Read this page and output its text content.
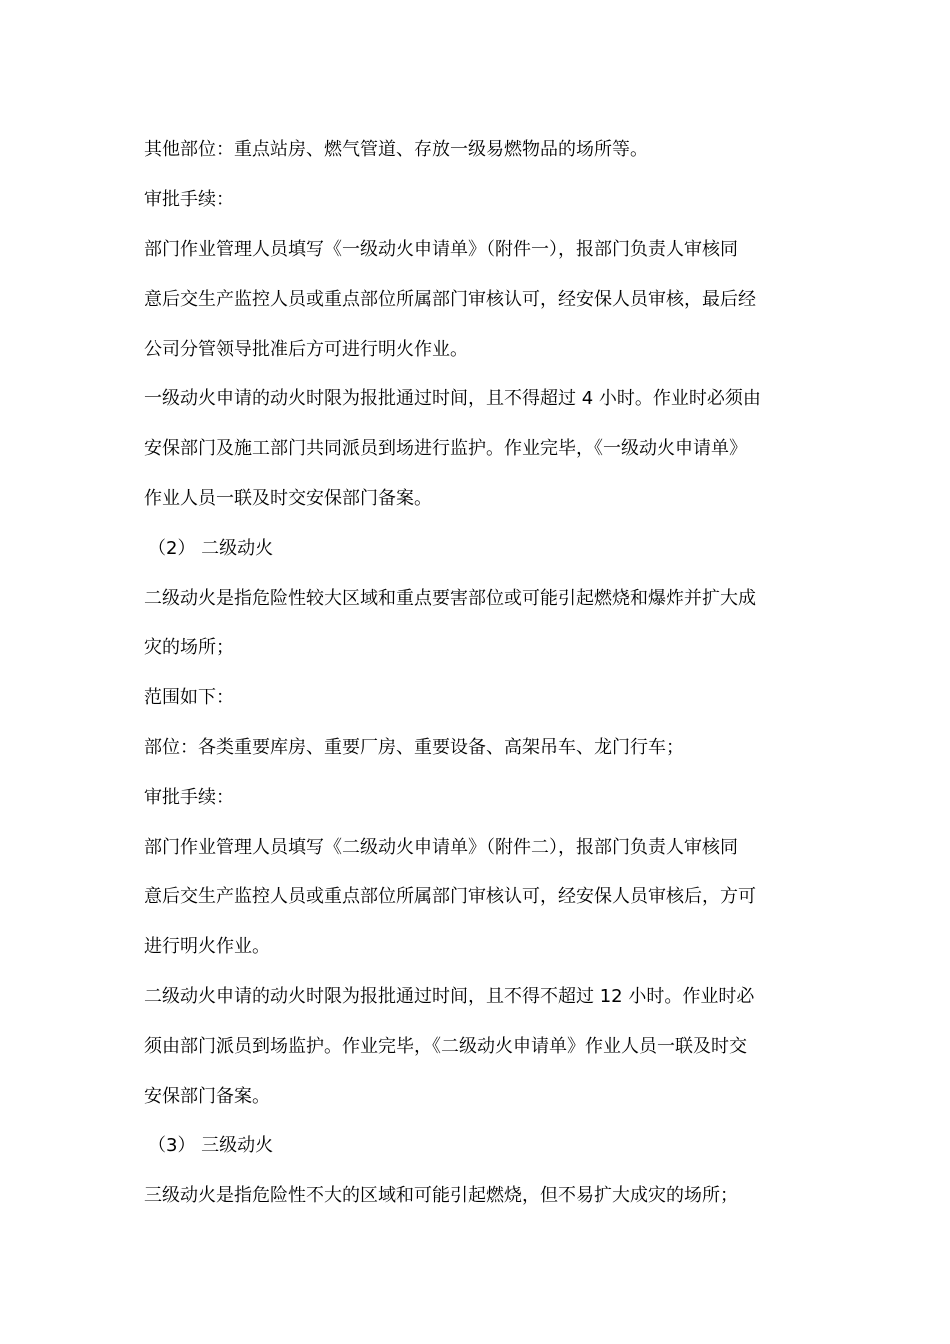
其他部位：重点站房、燃气管道、存放一级易燃物品的场所等。
审批手续：
部门作业管理人员填写《一级动火申请单》（附件一），报部门负责人审核同
意后交生产监控人员或重点部位所属部门审核认可，经安保人员审核，最后经
公司分管领导批准后方可进行明火作业。
一级动火申请的动火时限为报批通过时间，且不得超过 4 小时。作业时必须由
安保部门及施工部门共同派员到场进行监护。作业完毕，《一级动火申请单》
作业人员一联及时交安保部门备案。
（2） 二级动火
二级动火是指危险性较大区域和重点要害部位或可能引起燃烧和爆炸并扩大成
灾的场所；
范围如下：
部位：各类重要库房、重要厂房、重要设备、高架吊车、龙门行车；
审批手续：
部门作业管理人员填写《二级动火申请单》（附件二），报部门负责人审核同
意后交生产监控人员或重点部位所属部门审核认可，经安保人员审核后，方可
进行明火作业。
二级动火申请的动火时限为报批通过时间，且不得不超过 12 小时。作业时必
须由部门派员到场监护。作业完毕，《二级动火申请单》作业人员一联及时交
安保部门备案。
（3） 三级动火
三级动火是指危险性不大的区域和可能引起燃烧，但不易扩大成灾的场所；
